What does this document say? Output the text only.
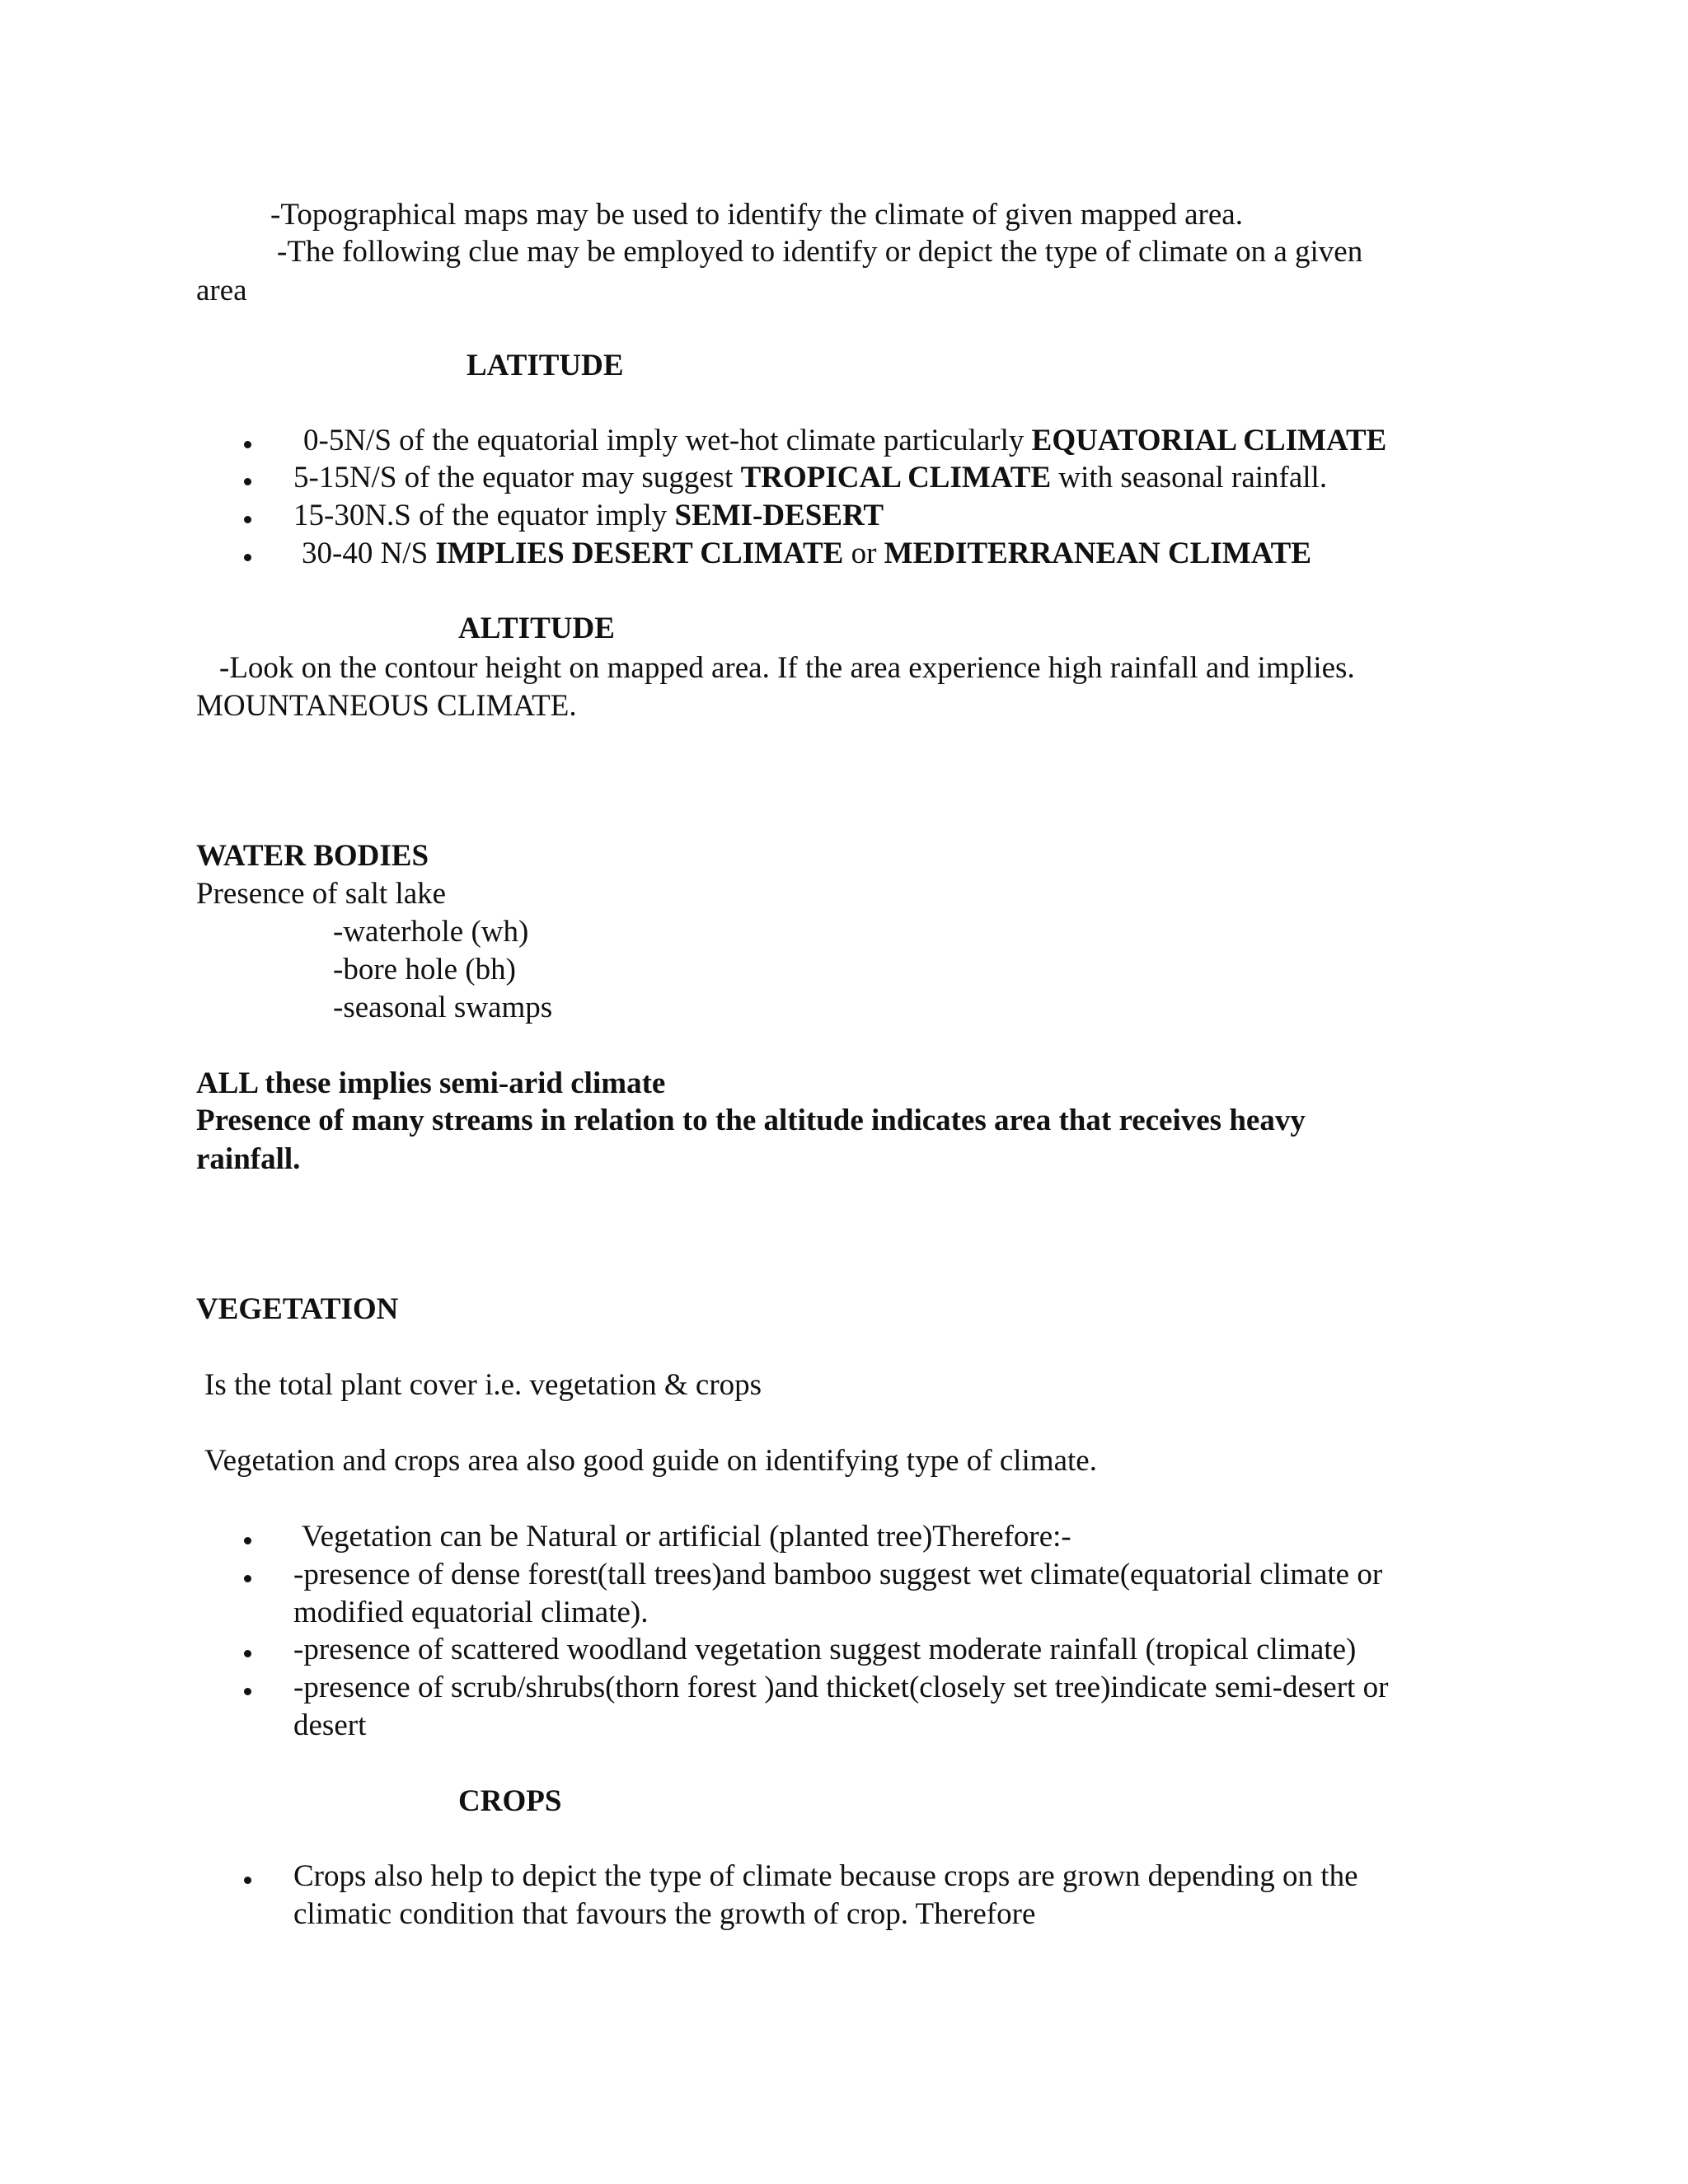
-Topographical maps may be used to identify the climate of given mapped area.

-The following clue may be employed to identify or depict the type of climate on a given

area

LATITUDE

0-5N/S of the equatorial imply wet-hot climate particularly EQUATORIAL CLIMATE

5-15N/S of the equator may suggest TROPICAL CLIMATE with seasonal rainfall.

15-30N.S of the equator imply SEMI-DESERT

30-40 N/S IMPLIES DESERT CLIMATE or MEDITERRANEAN CLIMATE

ALTITUDE

-Look on the contour height on mapped area. If the area experience high rainfall and implies.

MOUNTANEOUS CLIMATE.

WATER BODIES

Presence of salt lake

-waterhole (wh)

-bore hole (bh)

-seasonal swamps

ALL these implies semi-arid climate

Presence of many streams in relation to the altitude indicates area that receives heavy

rainfall.

VEGETATION

Is the total plant cover i.e. vegetation & crops

Vegetation and crops area also good guide on identifying type of climate.

Vegetation can be Natural or artificial (planted tree)Therefore:-

-presence of dense forest(tall trees)and bamboo suggest wet climate(equatorial climate or

modified equatorial climate).

-presence of scattered woodland vegetation suggest moderate rainfall (tropical climate)

-presence of scrub/shrubs(thorn forest )and thicket(closely set tree)indicate semi-desert or

desert

CROPS

Crops also help to depict the type of climate because crops are grown depending on the

climatic condition that favours the growth of crop. Therefore
